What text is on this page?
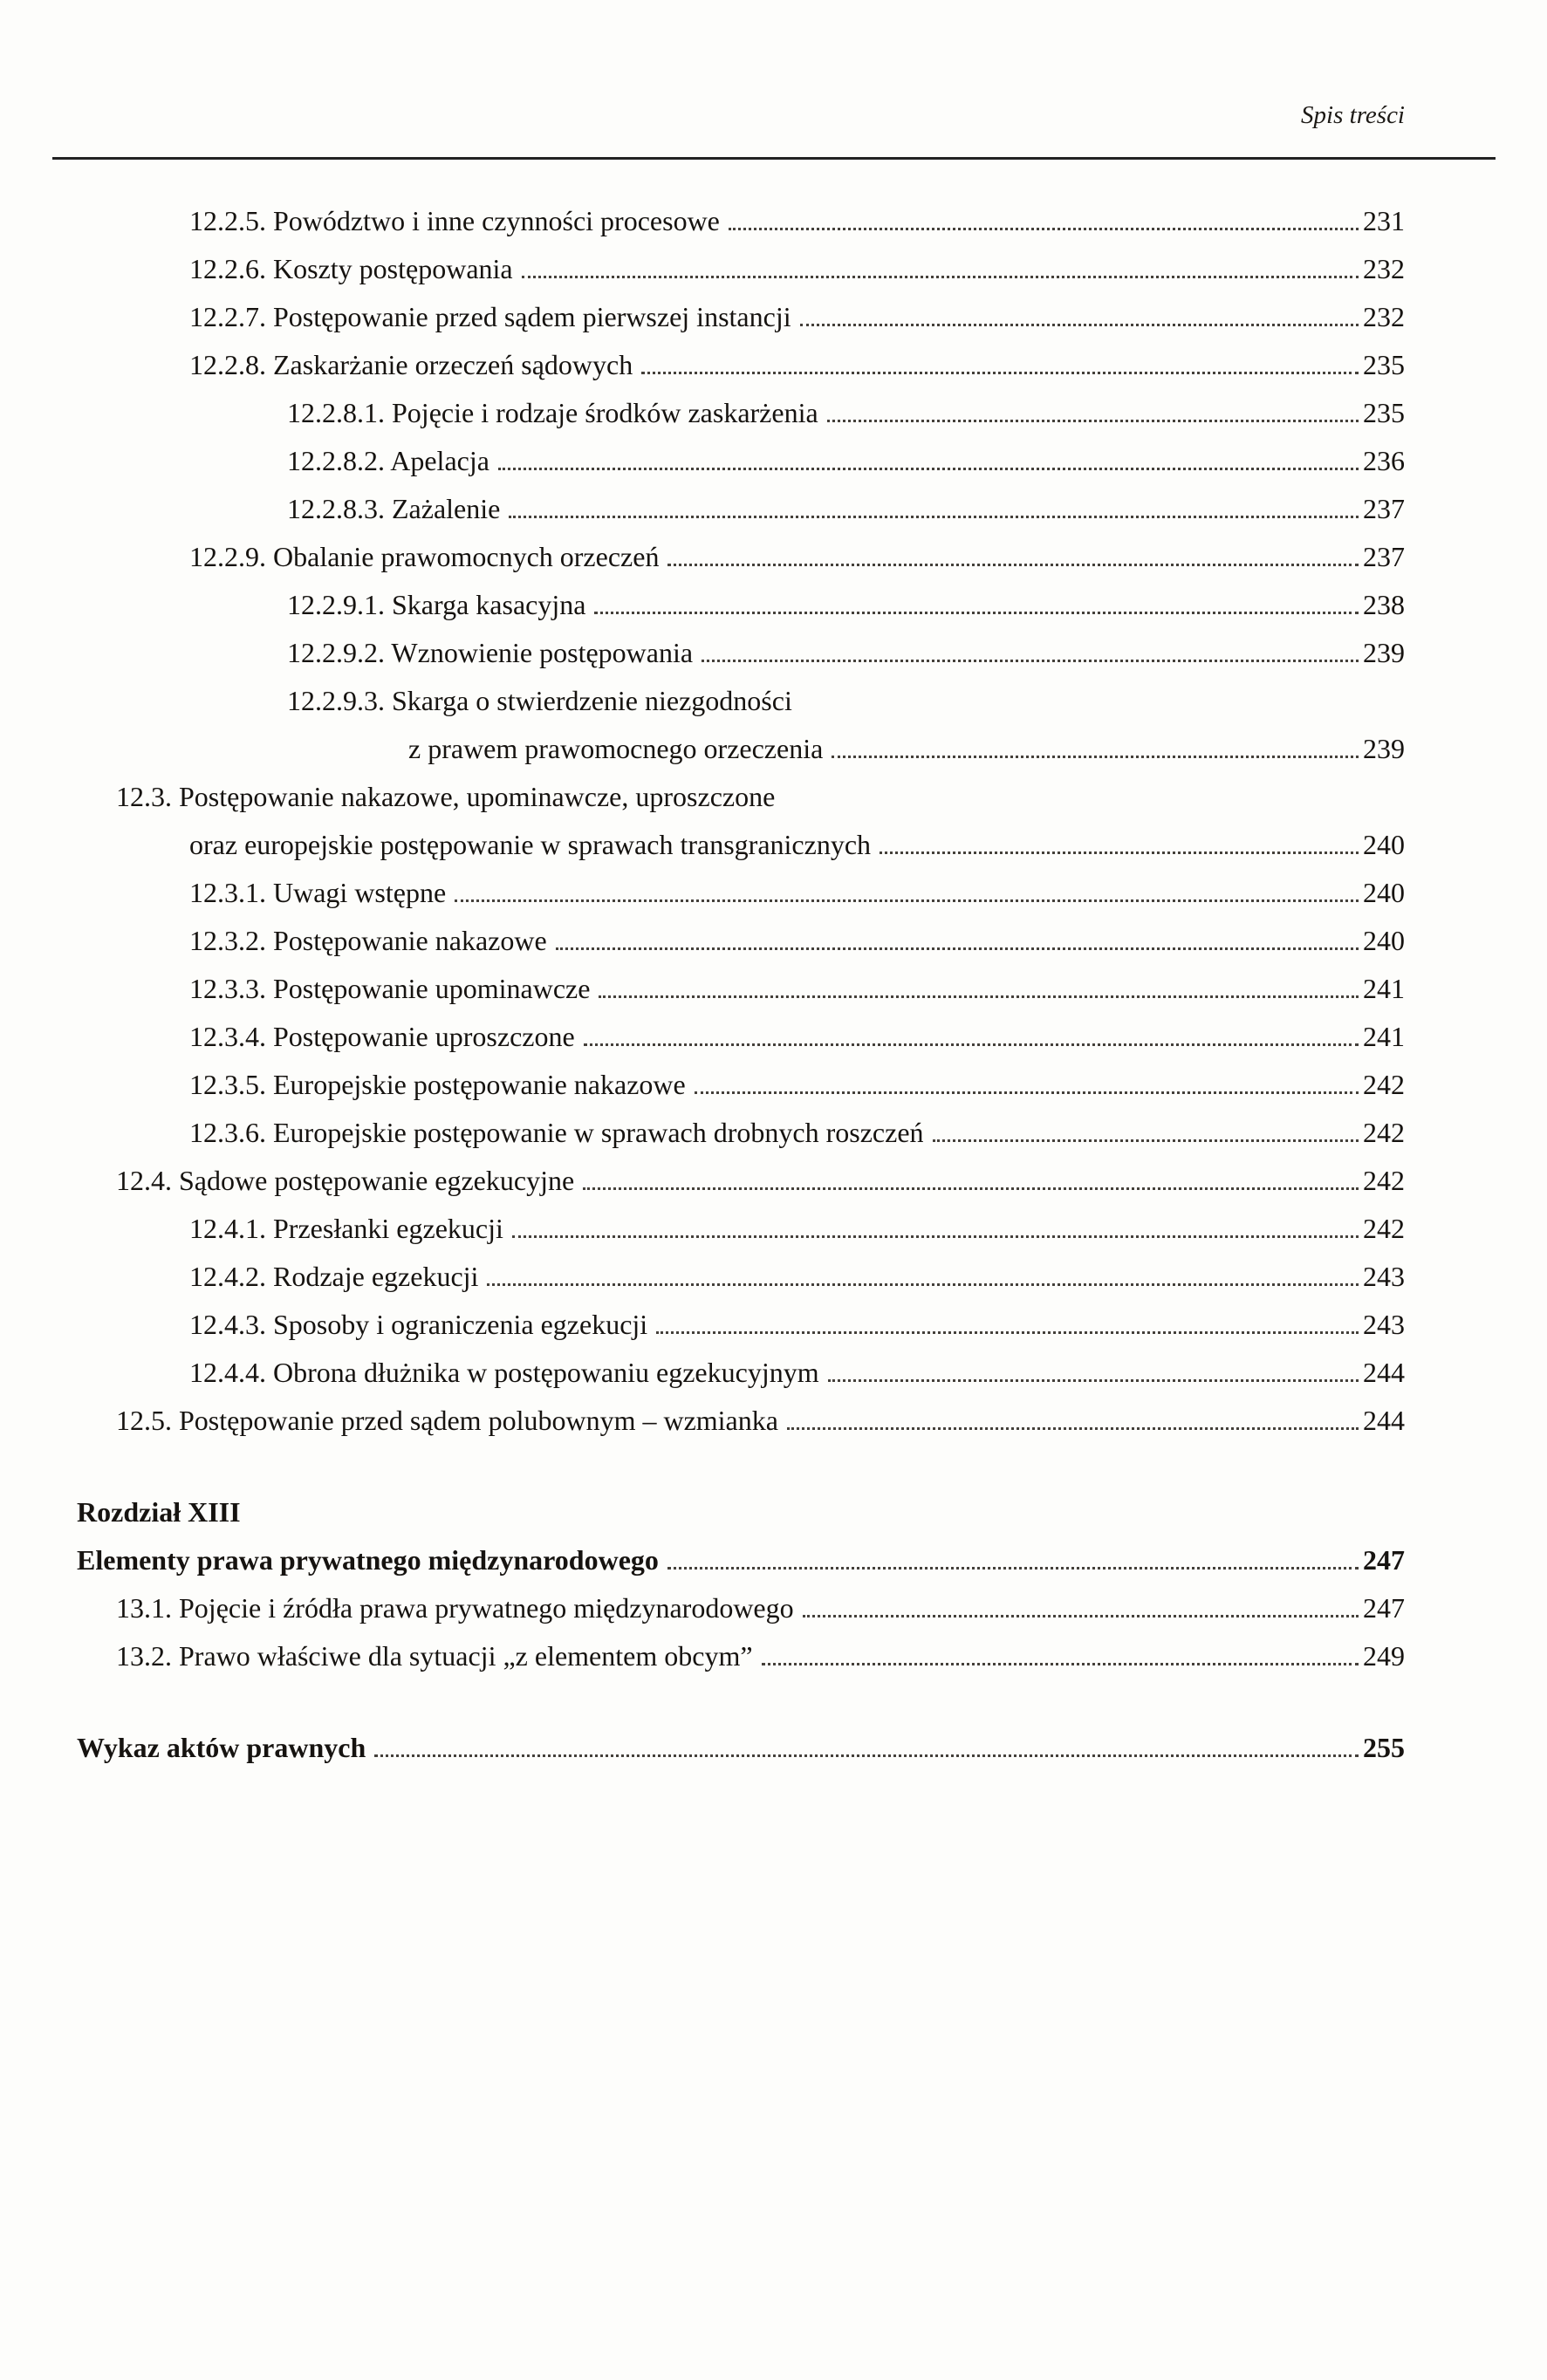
Spis treści
12.2.5. Powództwo i inne czynności procesowe	231
12.2.6. Koszty postępowania	232
12.2.7. Postępowanie przed sądem pierwszej instancji	232
12.2.8. Zaskarżanie orzeczeń sądowych	235
12.2.8.1. Pojęcie i rodzaje środków zaskarżenia	235
12.2.8.2. Apelacja	236
12.2.8.3. Zażalenie	237
12.2.9. Obalanie prawomocnych orzeczeń	237
12.2.9.1. Skarga kasacyjna	238
12.2.9.2. Wznowienie postępowania	239
12.2.9.3. Skarga o stwierdzenie niezgodności
z prawem prawomocnego orzeczenia	239
12.3. Postępowanie nakazowe, upominawcze, uproszczone
oraz europejskie postępowanie w sprawach transgranicznych	240
12.3.1. Uwagi wstępne	240
12.3.2. Postępowanie nakazowe	240
12.3.3. Postępowanie upominawcze	241
12.3.4. Postępowanie uproszczone	241
12.3.5. Europejskie postępowanie nakazowe	242
12.3.6. Europejskie postępowanie w sprawach drobnych roszczeń	242
12.4. Sądowe postępowanie egzekucyjne	242
12.4.1. Przesłanki egzekucji	242
12.4.2. Rodzaje egzekucji	243
12.4.3. Sposoby i ograniczenia egzekucji	243
12.4.4. Obrona dłużnika w postępowaniu egzekucyjnym	244
12.5. Postępowanie przed sądem polubownym – wzmianka	244
Rozdział XIII
Elementy prawa prywatnego międzynarodowego	247
13.1. Pojęcie i źródła prawa prywatnego międzynarodowego	247
13.2. Prawo właściwe dla sytuacji „z elementem obcym”	249
Wykaz aktów prawnych	255
